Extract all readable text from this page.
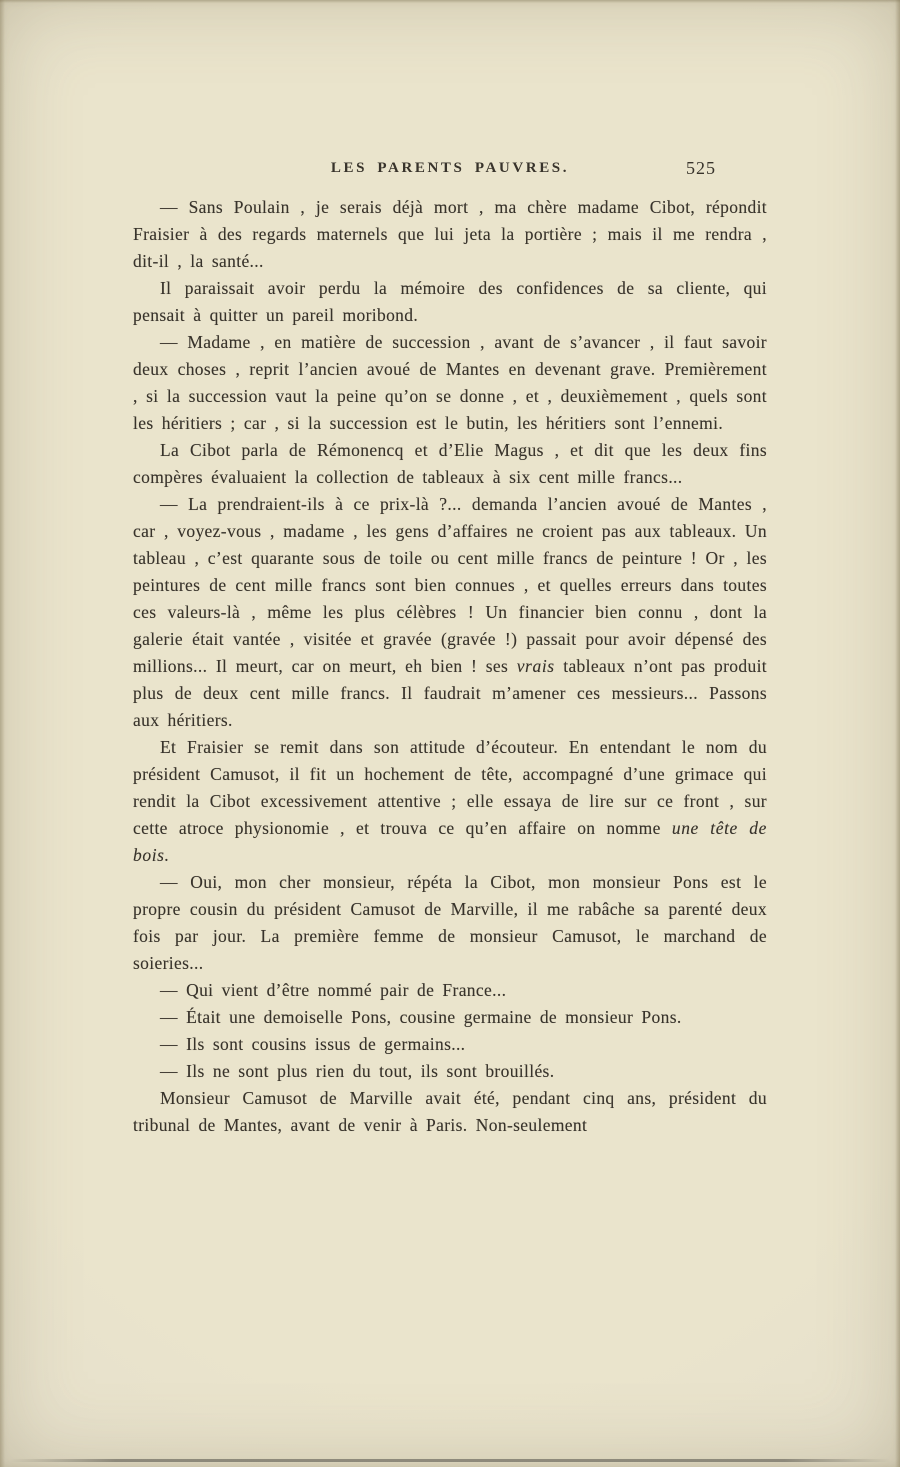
LES PARENTS PAUVRES.	525

— Sans Poulain , je serais déjà mort , ma chère madame Cibot, répondit Fraisier à des regards maternels que lui jeta la portière ; mais il me rendra , dit-il , la santé...

Il paraissait avoir perdu la mémoire des confidences de sa cliente, qui pensait à quitter un pareil moribond.

— Madame , en matière de succession , avant de s’avancer , il faut savoir deux choses , reprit l’ancien avoué de Mantes en devenant grave. Premièrement , si la succession vaut la peine qu’on se donne , et , deuxièmement , quels sont les héritiers ; car , si la succession est le butin, les héritiers sont l’ennemi.

La Cibot parla de Rémonencq et d’Elie Magus , et dit que les deux fins compères évaluaient la collection de tableaux à six cent mille francs...

— La prendraient-ils à ce prix-là ?... demanda l’ancien avoué de Mantes , car , voyez-vous , madame , les gens d’affaires ne croient pas aux tableaux. Un tableau , c’est quarante sous de toile ou cent mille francs de peinture ! Or , les peintures de cent mille francs sont bien connues , et quelles erreurs dans toutes ces valeurs-là , même les plus célèbres ! Un financier bien connu , dont la galerie était vantée , visitée et gravée (gravée !) passait pour avoir dépensé des millions... Il meurt, car on meurt, eh bien ! ses vrais tableaux n’ont pas produit plus de deux cent mille francs. Il faudrait m’amener ces messieurs... Passons aux héritiers.

Et Fraisier se remit dans son attitude d’écouteur. En entendant le nom du président Camusot, il fit un hochement de tête, accompagné d’une grimace qui rendit la Cibot excessivement attentive ; elle essaya de lire sur ce front , sur cette atroce physionomie , et trouva ce qu’en affaire on nomme une tête de bois.

— Oui, mon cher monsieur, répéta la Cibot, mon monsieur Pons est le propre cousin du président Camusot de Marville, il me rabâche sa parenté deux fois par jour. La première femme de monsieur Camusot, le marchand de soieries...

— Qui vient d’être nommé pair de France...

— Était une demoiselle Pons, cousine germaine de monsieur Pons.

— Ils sont cousins issus de germains...

— Ils ne sont plus rien du tout, ils sont brouillés.

Monsieur Camusot de Marville avait été, pendant cinq ans, président du tribunal de Mantes, avant de venir à Paris. Non-seulement
